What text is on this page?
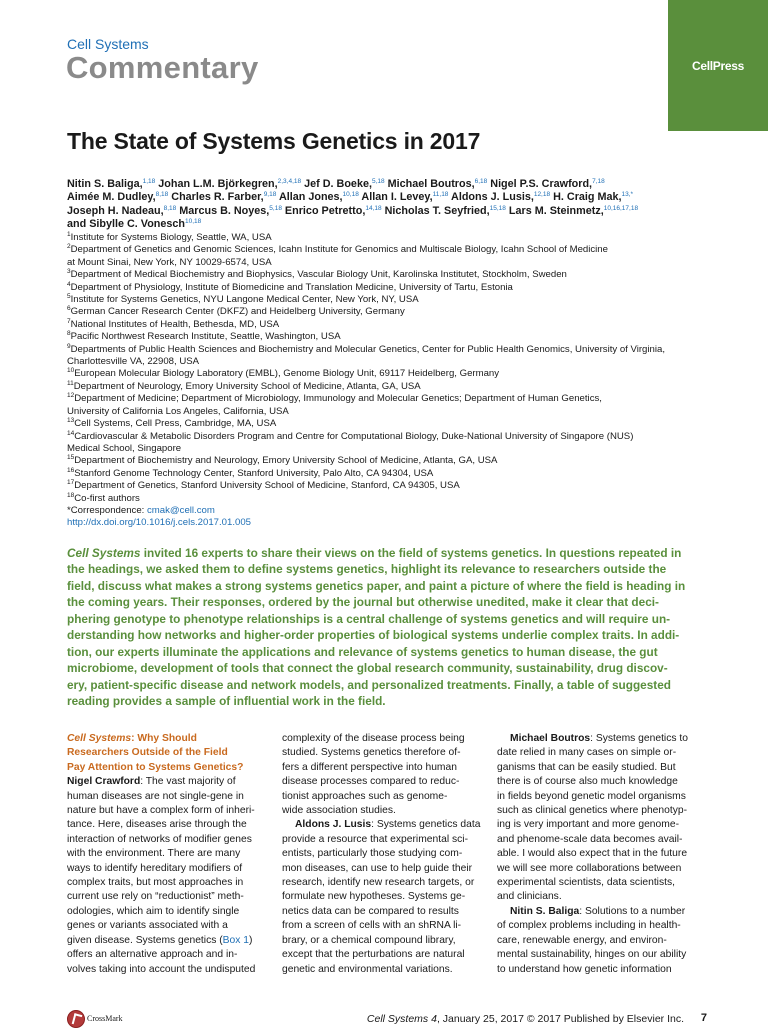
Cell Systems
Commentary	CellPress
The State of Systems Genetics in 2017
Nitin S. Baliga,$^{1,18}$ Johan L.M. Björkegren,$^{2,3,4,18}$ Jef D. Boeke,$^{5,18}$ Michael Boutros,$^{6,18}$ Nigel P.S. Crawford,$^{7,18}$
Aimée M. Dudley,$^{8,18}$ Charles R. Farber,$^{9,18}$ Allan Jones,$^{10,18}$ Allan I. Levey,$^{11,18}$ Aldons J. Lusis,$^{12,18}$ H. Craig Mak,$^{13,*}$
Joseph H. Nadeau,$^{8,18}$ Marcus B. Noyes,$^{5,18}$ Enrico Petretto,$^{14,18}$ Nicholas T. Seyfried,$^{15,18}$ Lars M. Steinmetz,$^{10,16,17,18}$
and Sibylle C. Vonesch$^{10,18}$
$^1$Institute for Systems Biology, Seattle, WA, USA
$^2$Department of Genetics and Genomic Sciences, Icahn Institute for Genomics and Multiscale Biology, Icahn School of Medicine
at Mount Sinai, New York, NY 10029-6574, USA
$^3$Department of Medical Biochemistry and Biophysics, Vascular Biology Unit, Karolinska Institutet, Stockholm, Sweden
$^4$Department of Physiology, Institute of Biomedicine and Translation Medicine, University of Tartu, Estonia
$^5$Institute for Systems Genetics, NYU Langone Medical Center, New York, NY, USA
$^6$German Cancer Research Center (DKFZ) and Heidelberg University, Germany
$^7$National Institutes of Health, Bethesda, MD, USA
$^8$Pacific Northwest Research Institute, Seattle, Washington, USA
$^9$Departments of Public Health Sciences and Biochemistry and Molecular Genetics, Center for Public Health Genomics, University of Virginia,
Charlottesville VA, 22908, USA
$^{10}$European Molecular Biology Laboratory (EMBL), Genome Biology Unit, 69117 Heidelberg, Germany
$^{11}$Department of Neurology, Emory University School of Medicine, Atlanta, GA, USA
$^{12}$Department of Medicine; Department of Microbiology, Immunology and Molecular Genetics; Department of Human Genetics,
University of California Los Angeles, California, USA
$^{13}$Cell Systems, Cell Press, Cambridge, MA, USA
$^{14}$Cardiovascular & Metabolic Disorders Program and Centre for Computational Biology, Duke-National University of Singapore (NUS)
Medical School, Singapore
$^{15}$Department of Biochemistry and Neurology, Emory University School of Medicine, Atlanta, GA, USA
$^{16}$Stanford Genome Technology Center, Stanford University, Palo Alto, CA 94304, USA
$^{17}$Department of Genetics, Stanford University School of Medicine, Stanford, CA 94305, USA
$^{18}$Co-first authors
*Correspondence: cmak@cell.com
http://dx.doi.org/10.1016/j.cels.2017.01.005
Cell Systems invited 16 experts to share their views on the field of systems genetics. In questions repeated in
the headings, we asked them to define systems genetics, highlight its relevance to researchers outside the
field, discuss what makes a strong systems genetics paper, and paint a picture of where the field is heading in
the coming years. Their responses, ordered by the journal but otherwise unedited, make it clear that deci-
phering genotype to phenotype relationships is a central challenge of systems genetics and will require un-
derstanding how networks and higher-order properties of biological systems underlie complex traits. In addi-
tion, our experts illuminate the applications and relevance of systems genetics to human disease, the gut
microbiome, development of tools that connect the global research community, sustainability, drug discov-
ery, patient-specific disease and network models, and personalized treatments. Finally, a table of suggested
reading provides a sample of influential work in the field.
Cell Systems: Why Should
Researchers Outside of the Field
Pay Attention to Systems Genetics?
Nigel Crawford: The vast majority of
human diseases are not single-gene in
nature but have a complex form of inheri-
tance. Here, diseases arise through the
interaction of networks of modifier genes
with the environment. There are many
ways to identify hereditary modifiers of
complex traits, but most approaches in
current use rely on “reductionist” meth-
odologies, which aim to identify single
genes or variants associated with a
given disease. Systems genetics (Box 1)
offers an alternative approach and in-
volves taking into account the undisputed
complexity of the disease process being
studied. Systems genetics therefore of-
fers a different perspective into human
disease processes compared to reduc-
tionist approaches such as genome-
wide association studies.
Aldons J. Lusis: Systems genetics data
provide a resource that experimental sci-
entists, particularly those studying com-
mon diseases, can use to help guide their
research, identify new research targets, or
formulate new hypotheses. Systems ge-
netics data can be compared to results
from a screen of cells with an shRNA li-
brary, or a chemical compound library,
except that the perturbations are natural
genetic and environmental variations.
Michael Boutros: Systems genetics to
date relied in many cases on simple or-
ganisms that can be easily studied. But
there is of course also much knowledge
in fields beyond genetic model organisms
such as clinical genetics where phenotyp-
ing is very important and more genome-
and phenome-scale data becomes avail-
able. I would also expect that in the future
we will see more collaborations between
experimental scientists, data scientists,
and clinicians.
Nitin S. Baliga: Solutions to a number
of complex problems including in health-
care, renewable energy, and environ-
mental sustainability, hinges on our ability
to understand how genetic information
CrossMark	Cell Systems 4, January 25, 2017 © 2017 Published by Elsevier Inc. 7
